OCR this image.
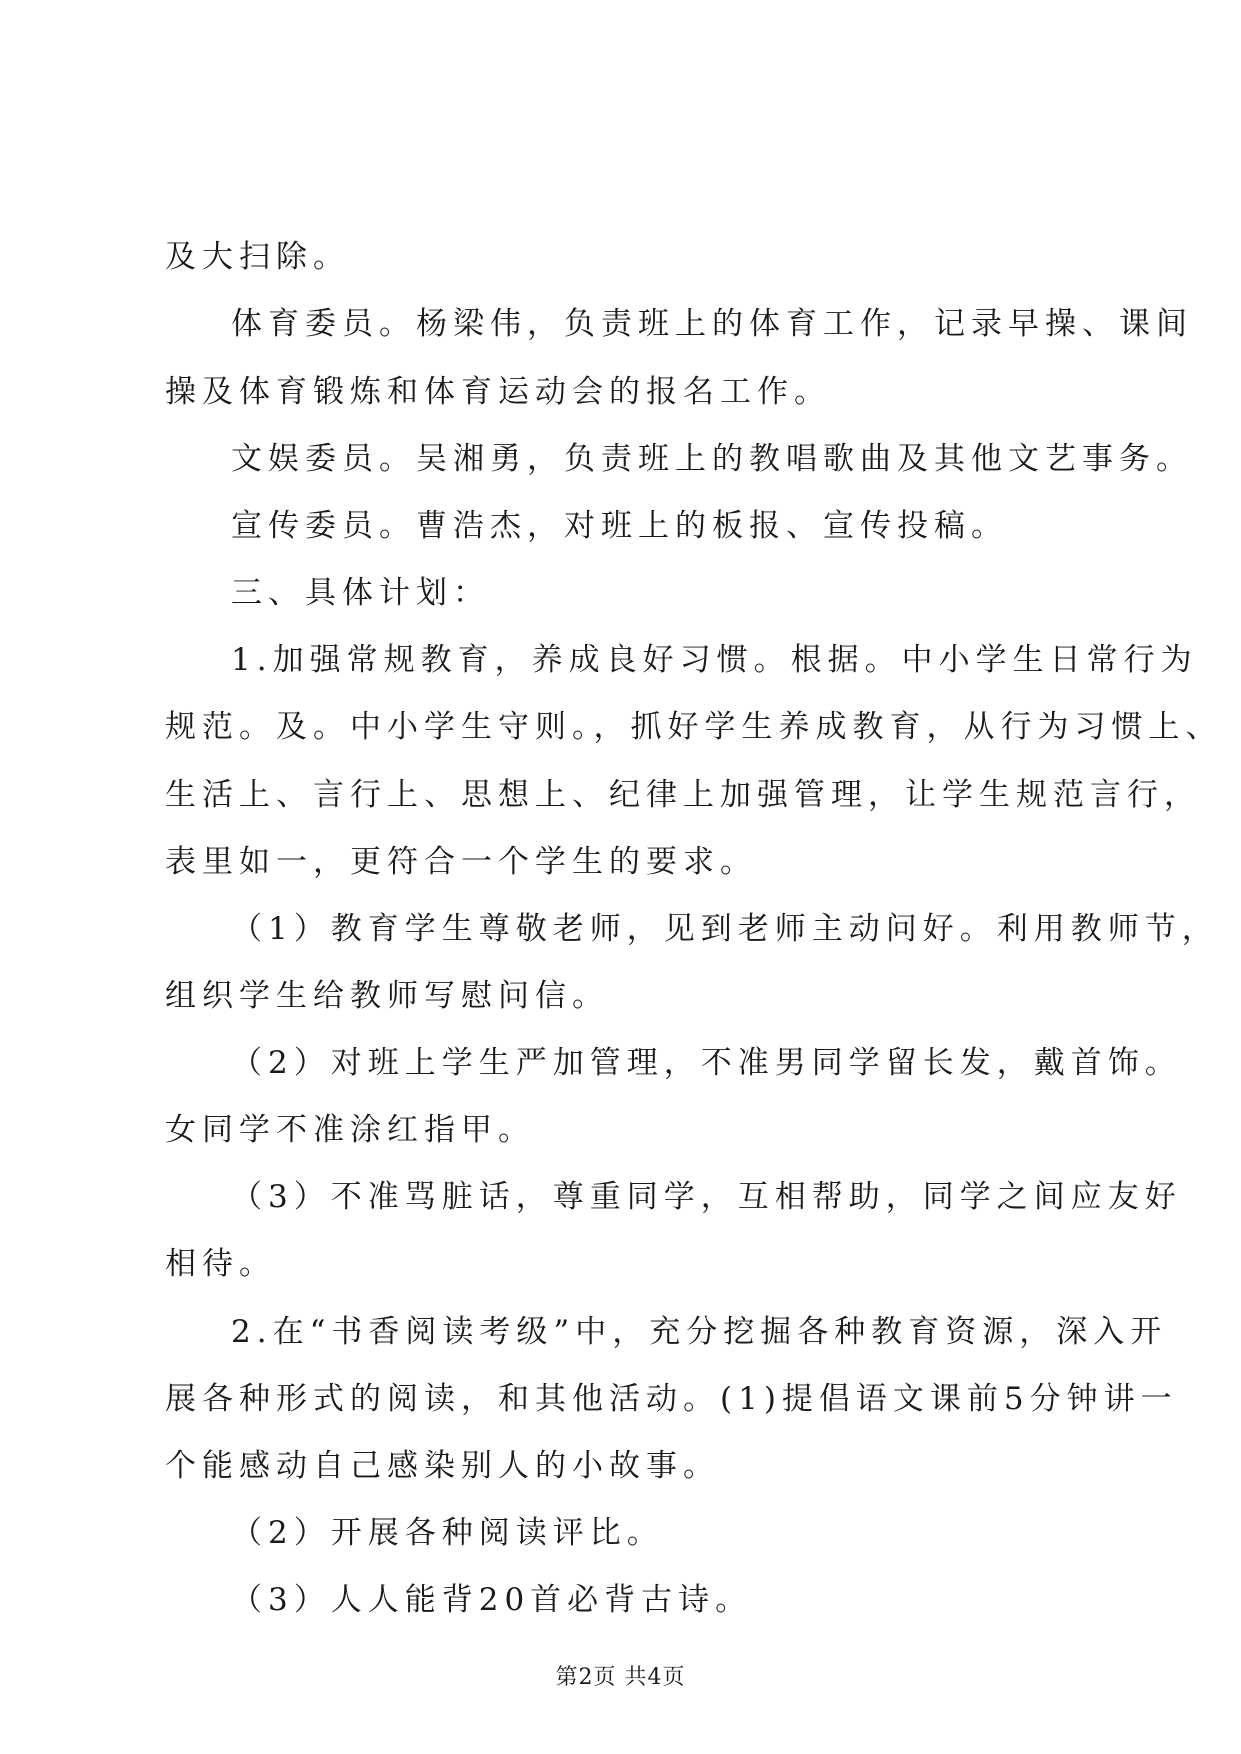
及大扫除。
体育委员。杨梁伟，负责班上的体育工作，记录早操、课间
操及体育锻炼和体育运动会的报名工作。
文娱委员。吴湘勇，负责班上的教唱歌曲及其他文艺事务。
宣传委员。曹浩杰，对班上的板报、宣传投稿。
三、具体计划：
1.加强常规教育，养成良好习惯。根据。中小学生日常行为
规范。及。中小学生守则。，抓好学生养成教育，从行为习惯上、
生活上、言行上、思想上、纪律上加强管理，让学生规范言行，
表里如一，更符合一个学生的要求。
（1）教育学生尊敬老师，见到老师主动问好。利用教师节，
组织学生给教师写慰问信。
（2）对班上学生严加管理，不准男同学留长发，戴首饰。
女同学不准涂红指甲。
（3）不准骂脏话，尊重同学，互相帮助，同学之间应友好
相待。
2.在“书香阅读考级”中，充分挖掘各种教育资源，深入开
展各种形式的阅读，和其他活动。(1)提倡语文课前5分钟讲一
个能感动自己感染别人的小故事。
（2）开展各种阅读评比。
（3）人人能背20首必背古诗。
第2页 共4页
